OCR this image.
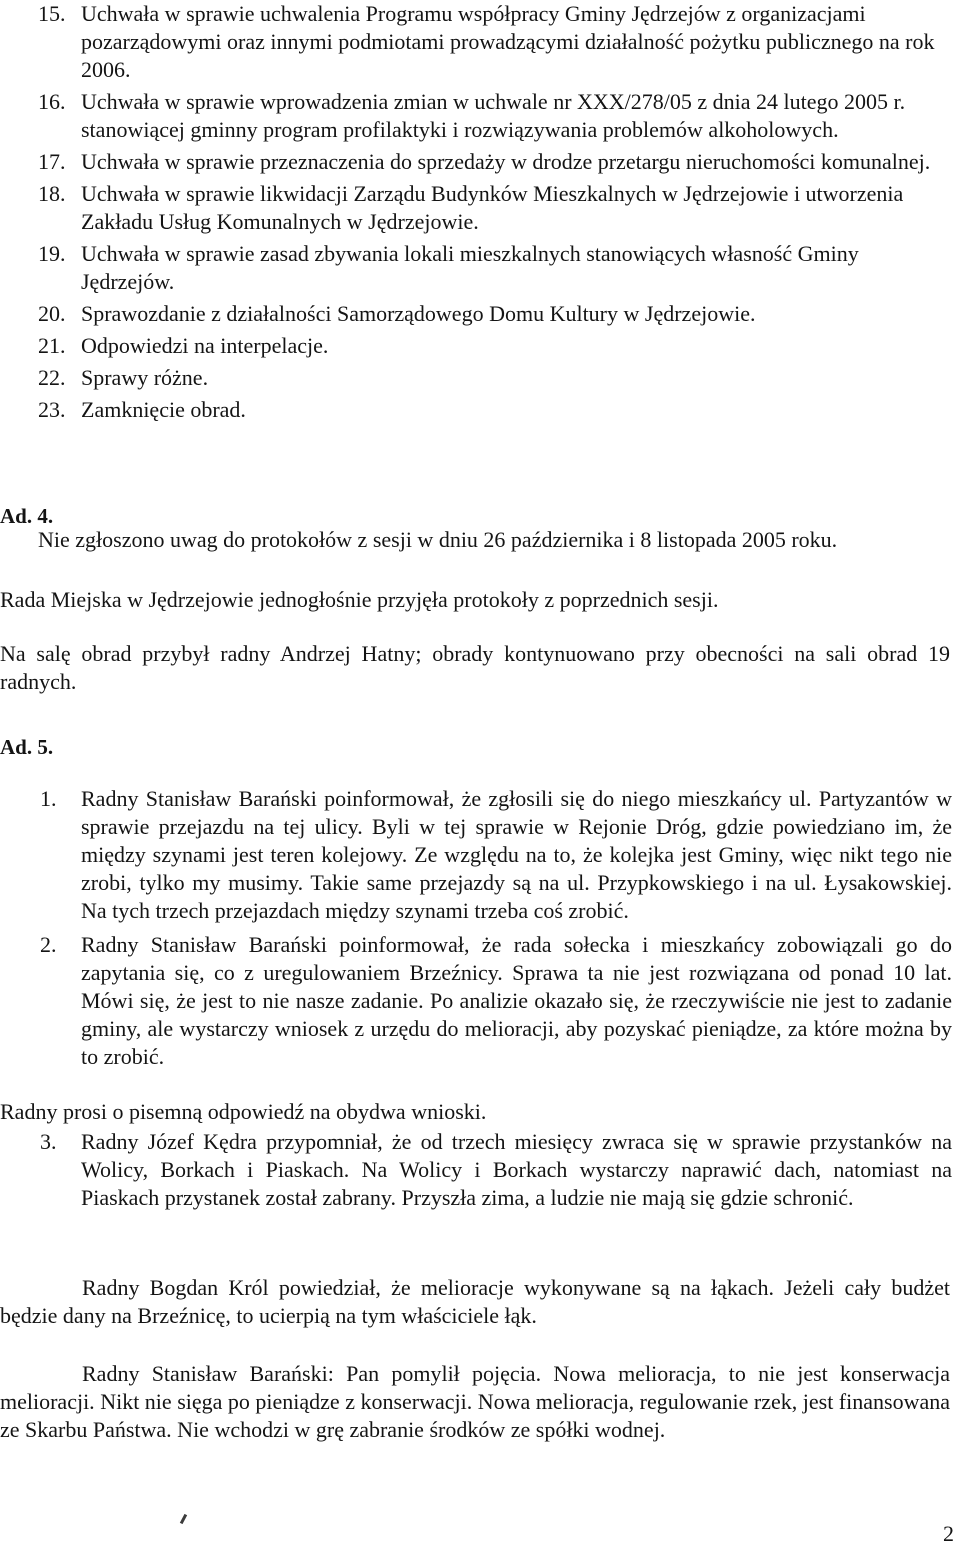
15. Uchwała w sprawie uchwalenia Programu współpracy Gminy Jędrzejów z organizacjami pozarządowymi oraz innymi podmiotami prowadzącymi działalność pożytku publicznego na rok 2006.
16. Uchwała w sprawie wprowadzenia zmian w uchwale nr XXX/278/05 z dnia 24 lutego 2005 r. stanowiącej gminny program profilaktyki i rozwiązywania problemów alkoholowych.
17. Uchwała w sprawie przeznaczenia do sprzedaży w drodze przetargu nieruchomości komunalnej.
18. Uchwała w sprawie likwidacji Zarządu Budynków Mieszkalnych w Jędrzejowie i utworzenia Zakładu Usług Komunalnych w Jędrzejowie.
19. Uchwała w sprawie zasad zbywania lokali mieszkalnych stanowiących własność Gminy Jędrzejów.
20. Sprawozdanie z działalności Samorządowego Domu Kultury w Jędrzejowie.
21. Odpowiedzi na interpelacje.
22. Sprawy różne.
23. Zamknięcie obrad.
Ad. 4.
Nie zgłoszono uwag do protokołów z sesji w dniu 26 października i 8 listopada 2005 roku.
Rada Miejska w Jędrzejowie jednogłośnie przyjęła protokoły z poprzednich sesji.
Na salę obrad przybył radny Andrzej Hatny; obrady kontynuowano przy obecności na sali obrad 19 radnych.
Ad. 5.
1. Radny Stanisław Barański poinformował, że zgłosili się do niego mieszkańcy ul. Partyzantów w sprawie przejazdu na tej ulicy. Byli w tej sprawie w Rejonie Dróg, gdzie powiedziano im, że między szynami jest teren kolejowy. Ze względu na to, że kolejka jest Gminy, więc nikt tego nie zrobi, tylko my musimy. Takie same przejazdy są na ul. Przypkowskiego i na ul. Łysakowskiej. Na tych trzech przejazdach między szynami trzeba coś zrobić.
2. Radny Stanisław Barański poinformował, że rada sołecka i mieszkańcy zobowiązali go do zapytania się, co z uregulowaniem Brzeźnicy. Sprawa ta nie jest rozwiązana od ponad 10 lat. Mówi się, że jest to nie nasze zadanie. Po analizie okazało się, że rzeczywiście nie jest to zadanie gminy, ale wystarczy wniosek z urzędu do melioracji, aby pozyskać pieniądze, za które można by to zrobić.
Radny prosi o pisemną odpowiedź na obydwa wnioski.
3. Radny Józef Kędra przypomniał, że od trzech miesięcy zwraca się w sprawie przystanków na Wolicy, Borkach i Piaskach. Na Wolicy i Borkach wystarczy naprawić dach, natomiast na Piaskach przystanek został zabrany. Przyszła zima, a ludzie nie mają się gdzie schronić.
Radny Bogdan Król powiedział, że melioracje wykonywane są na łąkach. Jeżeli cały budżet będzie dany na Brzeźnicę, to ucierpią na tym właściciele łąk.
Radny Stanisław Barański: Pan pomylił pojęcia. Nowa melioracja, to nie jest konserwacja melioracji. Nikt nie sięga po pieniądze z konserwacji. Nowa melioracja, regulowanie rzek, jest finansowana ze Skarbu Państwa. Nie wchodzi w grę zabranie środków ze spółki wodnej.
2
